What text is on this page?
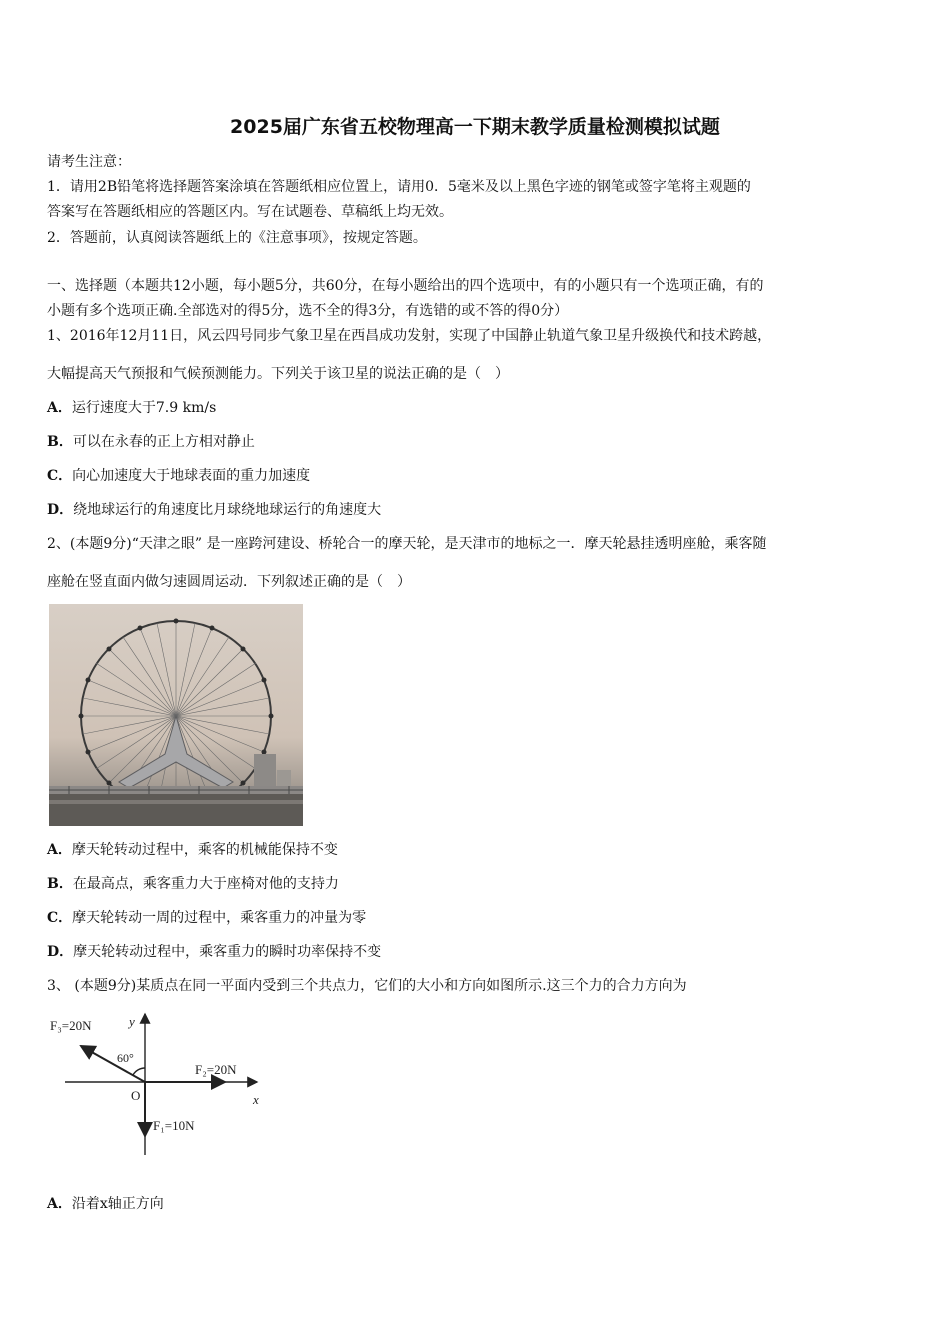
2025届广东省五校物理高一下期末教学质量检测模拟试题
请考生注意：
1．请用2B铅笔将选择题答案涂填在答题纸相应位置上，请用0．5毫米及以上黑色字迹的钢笔或签字笔将主观题的
答案写在答题纸相应的答题区内。写在试题卷、草稿纸上均无效。
2．答题前，认真阅读答题纸上的《注意事项》，按规定答题。
一、选择题（本题共12小题，每小题5分，共60分，在每小题给出的四个选项中，有的小题只有一个选项正确，有的
小题有多个选项正确.全部选对的得5分，选不全的得3分，有选错的或不答的得0分）
1、2016年12月11日，风云四号同步气象卫星在西昌成功发射，实现了中国静止轨道气象卫星升级换代和技术跨越，
大幅提高天气预报和气候预测能力。下列关于该卫星的说法正确的是（　）
A．运行速度大于7.9 km/s
B．可以在永春的正上方相对静止
C．向心加速度大于地球表面的重力加速度
D．绕地球运行的角速度比月球绕地球运行的角速度大
2、(本题9分)“天津之眼” 是一座跨河建设、桥轮合一的摩天轮，是天津市的地标之一．摩天轮悬挂透明座舱，乘客随
座舱在竖直面内做匀速圆周运动．下列叙述正确的是（　）
A．摩天轮转动过程中，乘客的机械能保持不变
B．在最高点，乘客重力大于座椅对他的支持力
C．摩天轮转动一周的过程中，乘客重力的冲量为零
D．摩天轮转动过程中，乘客重力的瞬时功率保持不变
3、 (本题9分)某质点在同一平面内受到三个共点力，它们的大小和方向如图所示.这三个力的合力方向为
F₃=20N
60°
F₂=20N
O	x
y
F₁=10N
A．沿着x轴正方向
